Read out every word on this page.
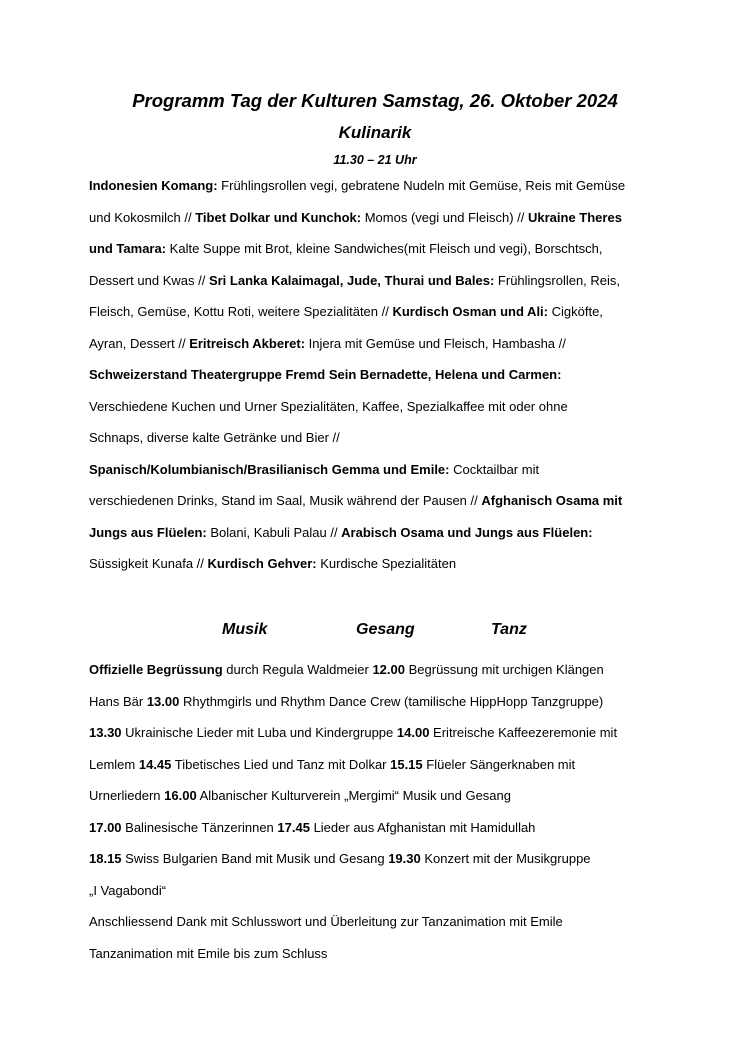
Programm Tag der Kulturen Samstag, 26. Oktober 2024
Kulinarik
11.30 – 21 Uhr
Indonesien Komang: Frühlingsrollen vegi, gebratene Nudeln mit Gemüse, Reis mit Gemüse
und Kokosmilch // Tibet Dolkar und Kunchok: Momos (vegi und Fleisch) // Ukraine Theres
und Tamara: Kalte Suppe mit Brot, kleine Sandwiches(mit Fleisch und vegi), Borschtsch,
Dessert und Kwas // Sri Lanka Kalaimagal, Jude, Thurai und Bales: Frühlingsrollen, Reis,
Fleisch, Gemüse, Kottu Roti, weitere Spezialitäten // Kurdisch Osman und Ali: Cigköfte,
Ayran, Dessert // Eritreisch Akberet: Injera mit Gemüse und Fleisch, Hambasha //
Schweizerstand Theatergruppe Fremd Sein Bernadette, Helena und Carmen:
Verschiedene Kuchen und Urner Spezialitäten, Kaffee, Spezialkaffee mit oder ohne
Schnaps, diverse kalte Getränke und Bier //
Spanisch/Kolumbianisch/Brasilianisch Gemma und Emile: Cocktailbar mit
verschiedenen Drinks, Stand im Saal, Musik während der Pausen // Afghanisch Osama mit
Jungs aus Flüelen: Bolani, Kabuli Palau // Arabisch Osama und Jungs aus Flüelen:
Süssigkeit Kunafa // Kurdisch Gehver: Kurdische Spezialitäten
Musik	Gesang	Tanz
Offizielle Begrüssung durch Regula Waldmeier 12.00 Begrüssung mit urchigen Klängen
Hans Bär 13.00 Rhythmgirls und Rhythm Dance Crew (tamilische HippHopp Tanzgruppe)
13.30 Ukrainische Lieder mit Luba und Kindergruppe 14.00 Eritreische Kaffeezeremonie mit
Lemlem 14.45 Tibetisches Lied und Tanz mit Dolkar 15.15 Flüeler Sängerknaben mit
Urnerliedern 16.00 Albanischer Kulturverein „Mergimi“ Musik und Gesang
17.00 Balinesische Tänzerinnen 17.45 Lieder aus Afghanistan mit Hamidullah
18.15 Swiss Bulgarien Band mit Musik und Gesang 19.30 Konzert mit der Musikgruppe
„I Vagabondi“
Anschliessend Dank mit Schlusswort und Überleitung zur Tanzanimation mit Emile
Tanzanimation mit Emile bis zum Schluss
